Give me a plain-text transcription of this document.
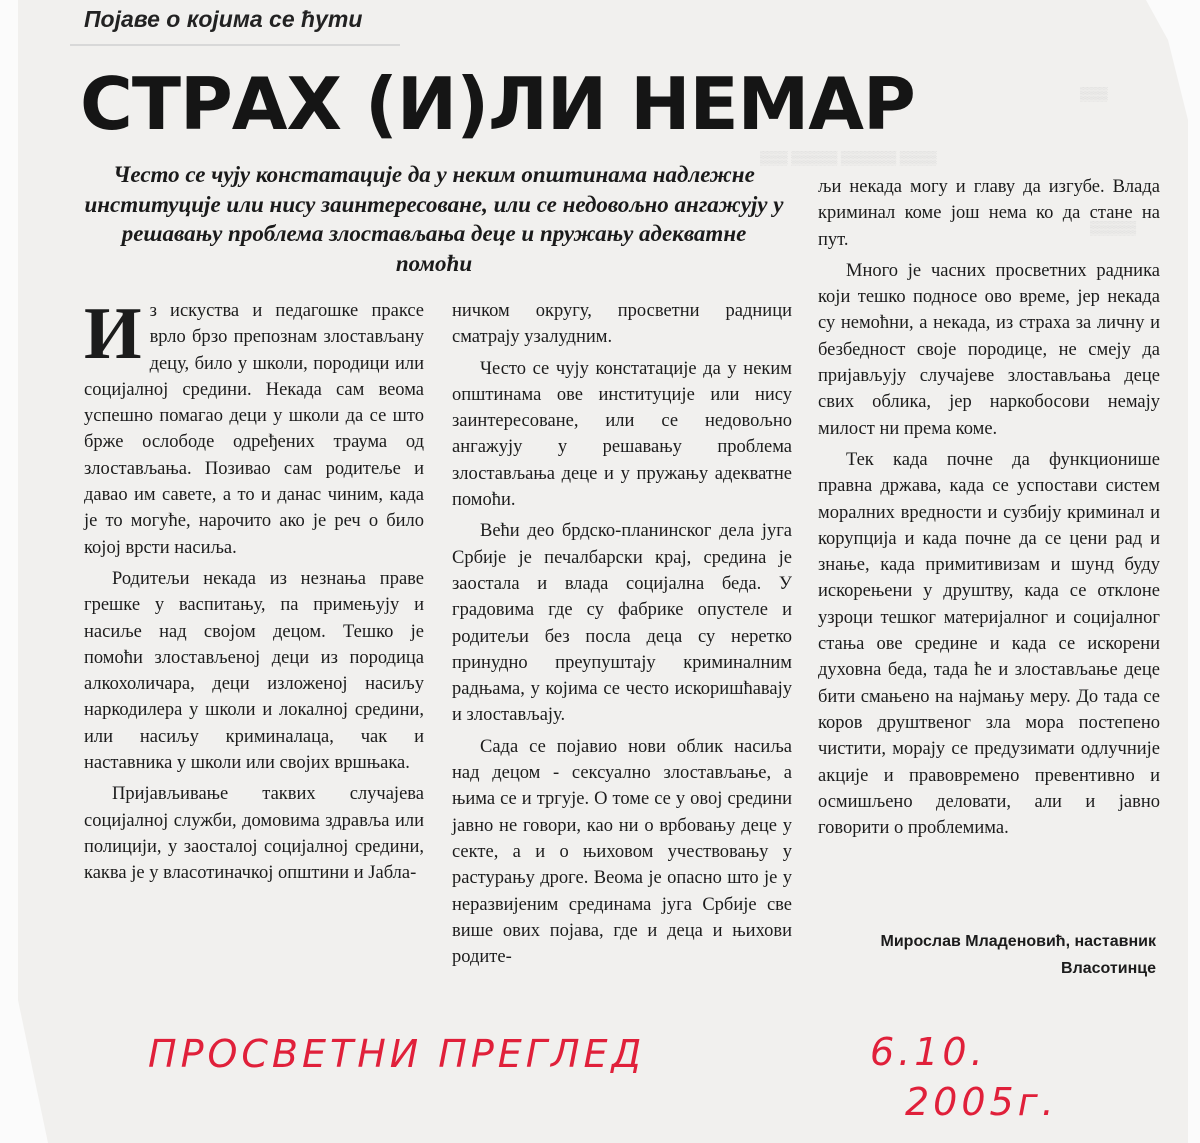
▒▒▒ ▒▒▒▒▒ ▒▒▒▒▒▒ ▒▒▒▒
▒▒▒
▒▒▒▒▒
Појаве о којима се ћути
СТРАХ (И)ЛИ НЕМАР
Често се чују констатације да у неким општинама надлежне институције или нису заинтересоване, или се недовољно ангажују у решавању проблема злостављања деце и пружању адекватне помоћи

Из искуства и педагошке праксе врло брзо препознам злостављану децу, било у школи, породици или социјалној средини. Некада сам веома успешно помагао деци у школи да се што брже ослободе одређених траума од злостављања. Позивао сам родитеље и давао им савете, а то и данас чиним, када је то могуће, нарочито ако је реч о било којој врсти насиља.

Родитељи некада из незнања праве грешке у васпитању, па примењују и насиље над својом децом. Тешко је помоћи злостављеној деци из породица алкохоличара, деци изложеној насиљу наркодилера у школи и локалној средини, или насиљу криминалаца, чак и наставника у школи или својих вршњака.

Пријављивање таквих случајева социјалној служби, домовима здравља или полицији, у заосталој социјалној средини, каква је у власотиначкој општини и Јабла-

ничком округу, просветни радници сматрају узалудним.

Често се чују констатације да у неким општинама ове институције или нису заинтересоване, или се недовољно ангажују у решавању проблема злостављања деце и у пружању адекватне помоћи.

Већи део брдско-планинског дела југа Србије је печалбарски крај, средина је заостала и влада социјална беда. У градовима где су фабрике опустеле и родитељи без посла деца су неретко принудно преупуштају криминалним радњама, у којима се често искоришћавају и злостављају.

Сада се појавио нови облик насиља над децом - сексуално злостављање, а њима се и тргује. О томе се у овој средини јавно не говори, као ни о врбовању деце у секте, а и о њиховом учествовању у растурању дроге. Веома је опасно што је у неразвијеним срединама југа Србије све више ових појава, где и деца и њихови родите-

љи некада могу и главу да изгубе. Влада криминал коме још нема ко да стане на пут.

Много је часних просветних радника који тешко подносе ово време, јер некада су немоћни, а некада, из страха за личну и безбедност своје породице, не смеју да пријављују случајеве злостављања деце свих облика, јер наркобосови немају милост ни према коме.

Тек када почне да функционише правна држава, када се успостави систем моралних вредности и сузбију криминал и корупција и када почне да се цени рад и знање, када примитивизам и шунд буду искорењени у друштву, када се отклоне узроци тешког материјалног и социјалног стања ове средине и када се искорени духовна беда, тада ће и злостављање деце бити смањено на најмању меру. До тада се коров друштвеног зла мора постепено чистити, морају се предузимати одлучније акције и правовремено превентивно и осмишљено деловати, али и јавно говорити о проблемима.

Мирослав Младеновић, наставник
Власотинце
ПРОСВЕТНИ ПРЕГЛЕД	6.10.
2005г.
